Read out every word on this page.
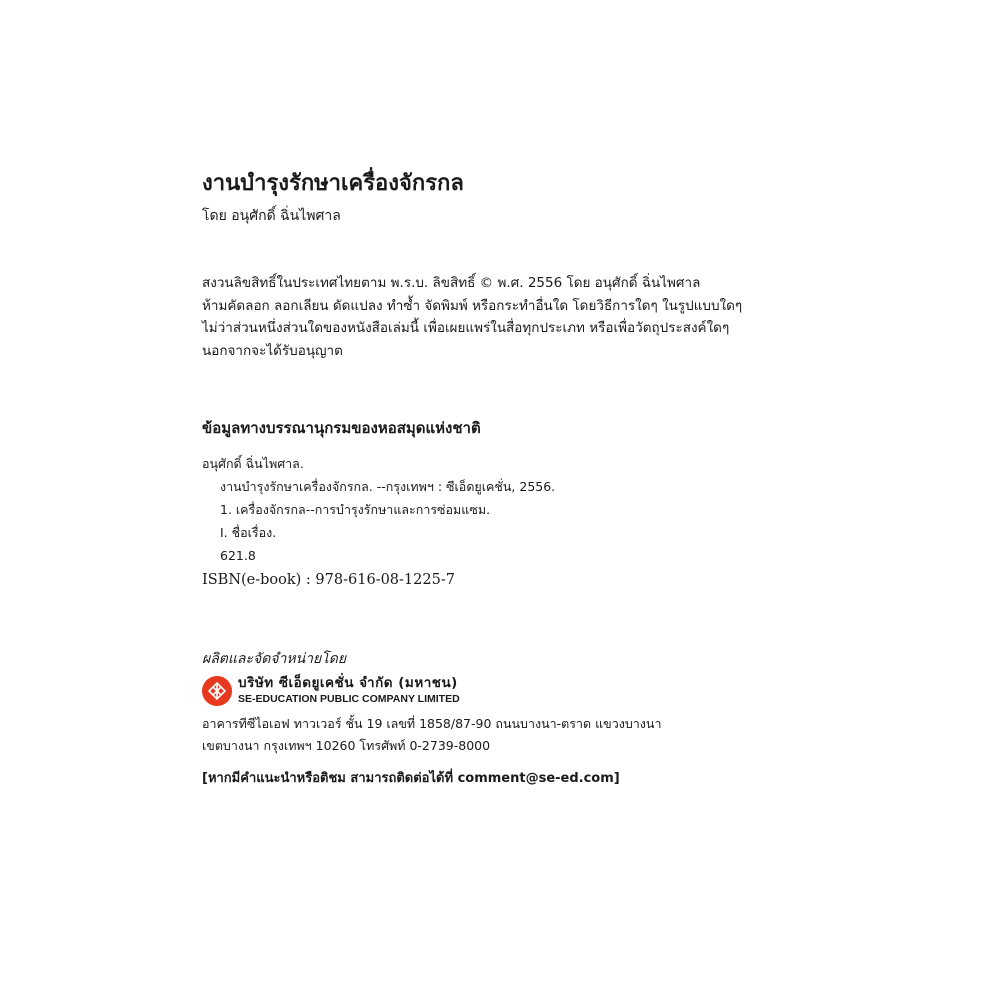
งานบำรุงรักษาเครื่องจักรกล
โดย อนุศักดิ์ ฉิ่นไพศาล
สงวนลิขสิทธิ์ในประเทศไทยตาม พ.ร.บ. ลิขสิทธิ์ © พ.ศ. 2556 โดย อนุศักดิ์ ฉิ่นไพศาล
ห้ามคัดลอก ลอกเลียน ดัดแปลง ทำซ้ำ จัดพิมพ์ หรือกระทำอื่นใด โดยวิธีการใดๆ ในรูปแบบใดๆ
ไม่ว่าส่วนหนึ่งส่วนใดของหนังสือเล่มนี้ เพื่อเผยแพร่ในสื่อทุกประเภท หรือเพื่อวัตถุประสงค์ใดๆ
นอกจากจะได้รับอนุญาต
ข้อมูลทางบรรณานุกรมของหอสมุดแห่งชาติ
อนุศักดิ์ ฉิ่นไพศาล.
งานบำรุงรักษาเครื่องจักรกล. --กรุงเทพฯ : ซีเอ็ดยูเคชั่น, 2556.
1. เครื่องจักรกล--การบำรุงรักษาและการซ่อมแซม.
I. ชื่อเรื่อง.
621.8
ISBN(e-book) : 978-616-08-1225-7
ผลิตและจัดจำหน่ายโดย
บริษัท ซีเอ็ดยูเคชั่น จำกัด (มหาชน)
SE-EDUCATION PUBLIC COMPANY LIMITED
อาคารทีซีไอเอฟ ทาวเวอร์ ชั้น 19 เลขที่ 1858/87-90 ถนนบางนา-ตราด แขวงบางนา
เขตบางนา กรุงเทพฯ 10260 โทรศัพท์ 0-2739-8000
[หากมีคำแนะนำหรือติชม สามารถติดต่อได้ที่ comment@se-ed.com]
